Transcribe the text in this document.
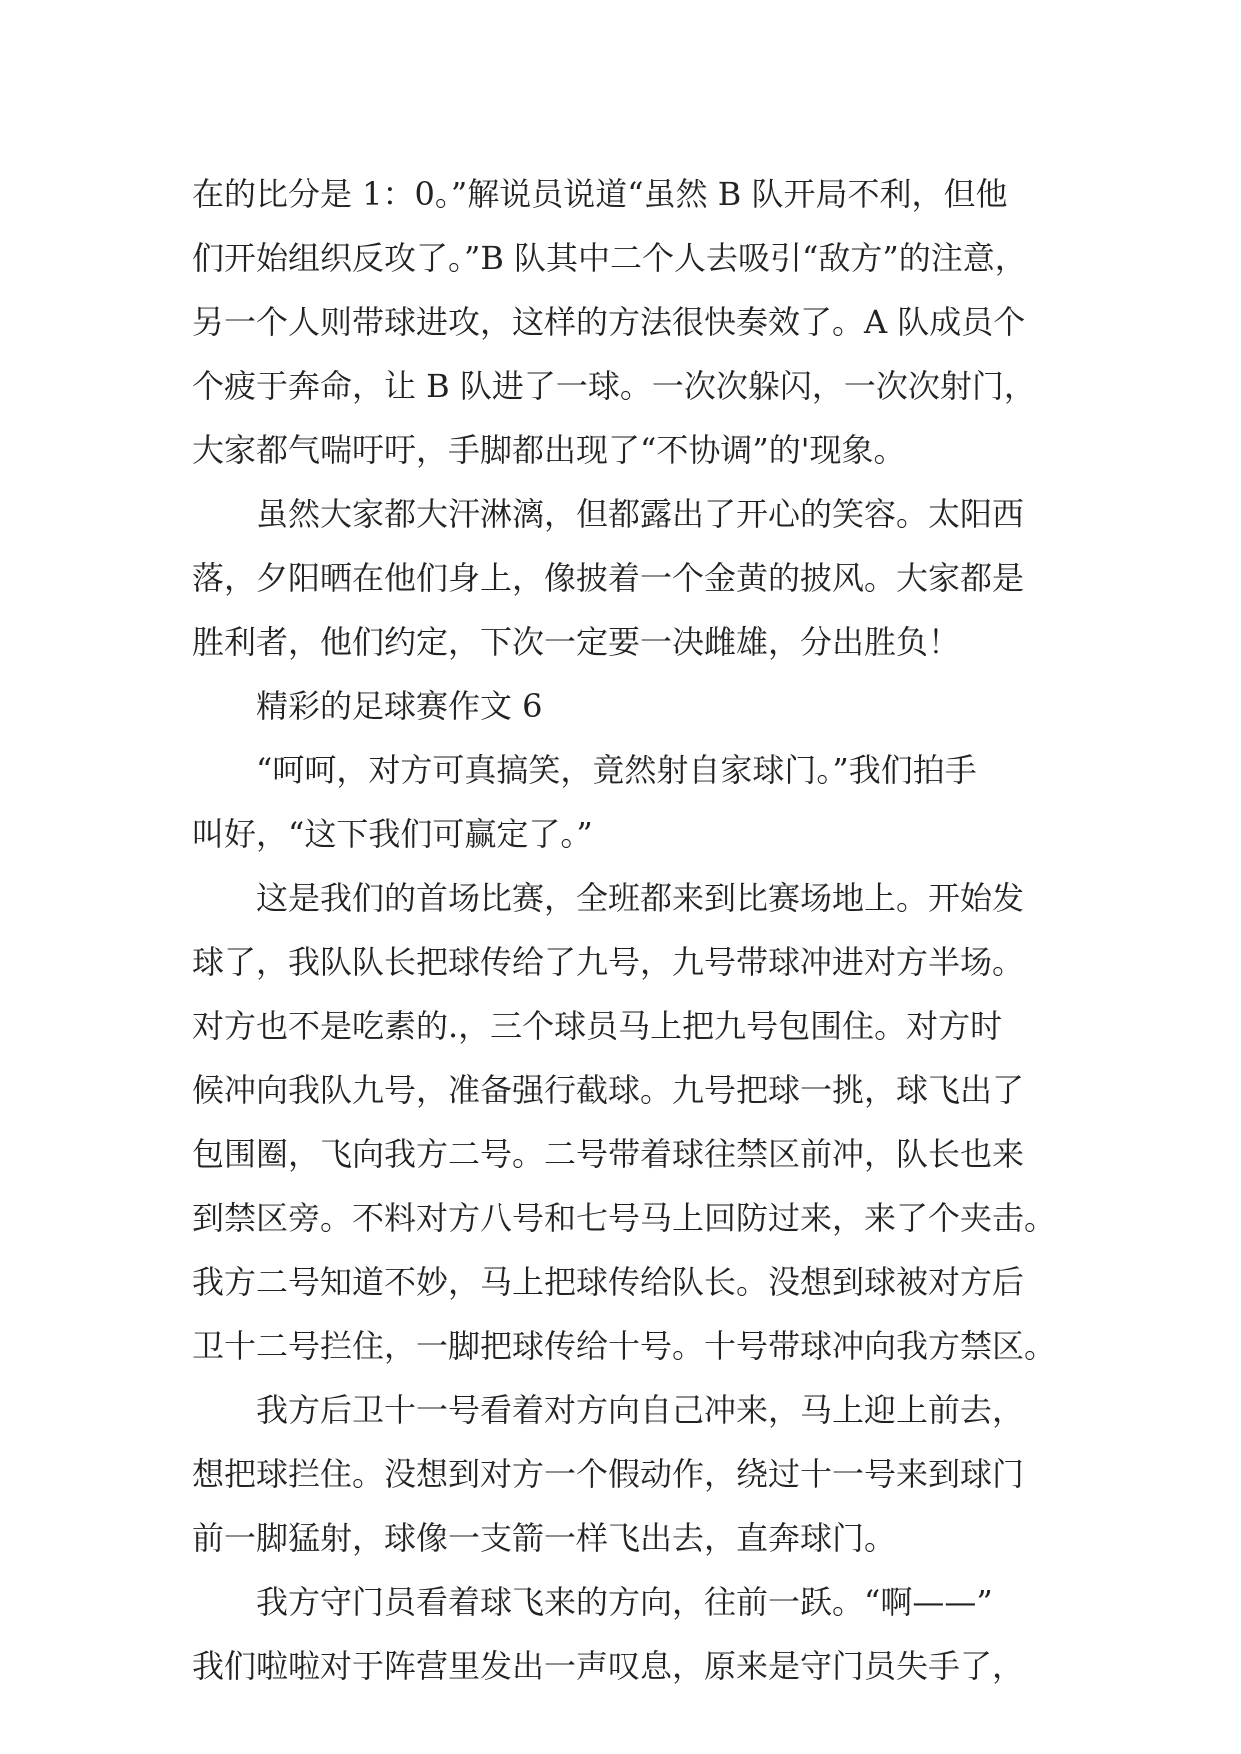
在的比分是 1：0。”解说员说道“虽然 B 队开局不利，但他
们开始组织反攻了。”B 队其中二个人去吸引“敌方”的注意，
另一个人则带球进攻，这样的方法很快奏效了。A 队成员个
个疲于奔命，让 B 队进了一球。一次次躲闪，一次次射门，
大家都气喘吁吁，手脚都出现了“不协调”的'现象。
虽然大家都大汗淋漓，但都露出了开心的笑容。太阳西
落，夕阳晒在他们身上，像披着一个金黄的披风。大家都是
胜利者，他们约定，下次一定要一决雌雄，分出胜负！
精彩的足球赛作文 6
“呵呵，对方可真搞笑，竟然射自家球门。”我们拍手
叫好，“这下我们可赢定了。”
这是我们的首场比赛，全班都来到比赛场地上。开始发
球了，我队队长把球传给了九号，九号带球冲进对方半场。
对方也不是吃素的.，三个球员马上把九号包围住。对方时
候冲向我队九号，准备强行截球。九号把球一挑，球飞出了
包围圈，飞向我方二号。二号带着球往禁区前冲，队长也来
到禁区旁。不料对方八号和七号马上回防过来，来了个夹击。
我方二号知道不妙，马上把球传给队长。没想到球被对方后
卫十二号拦住，一脚把球传给十号。十号带球冲向我方禁区。
我方后卫十一号看着对方向自己冲来，马上迎上前去，
想把球拦住。没想到对方一个假动作，绕过十一号来到球门
前一脚猛射，球像一支箭一样飞出去，直奔球门。
我方守门员看着球飞来的方向，往前一跃。“啊——”
我们啦啦对于阵营里发出一声叹息，原来是守门员失手了，
